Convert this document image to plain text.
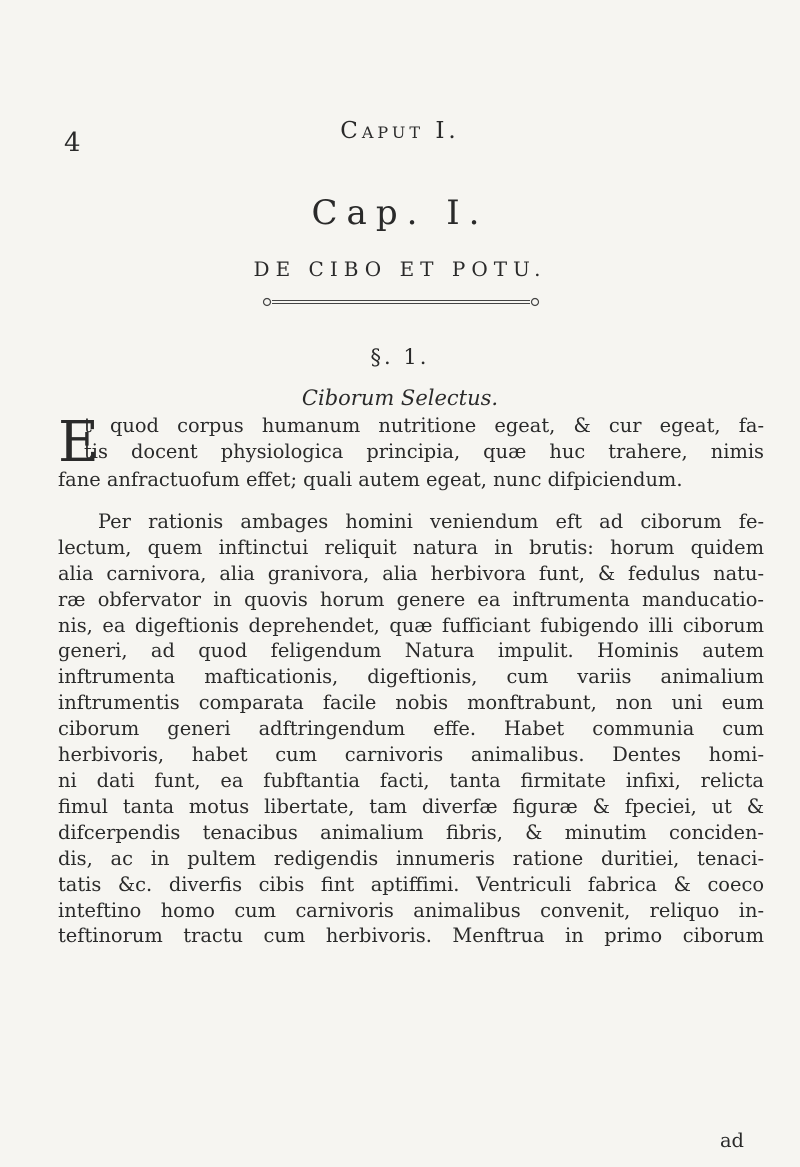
4	Caput I.
Cap. I.
DE CIBO ET POTU.
§. 1.
Ciborum Selectus.
E
t quod corpus humanum nutritione egeat, & cur egeat, fa-
tis docent physiologica principia, quæ huc trahere, nimis
fane anfractuofum effet; quali autem egeat, nunc difpiciendum.
Per rationis ambages homini veniendum eft ad ciborum fe-
lectum, quem inftinctui reliquit natura in brutis: horum quidem
alia carnivora, alia granivora, alia herbivora funt, & fedulus natu-
ræ obfervator in quovis horum genere ea inftrumenta manducatio-
nis, ea digeftionis deprehendet, quæ fufficiant fubigendo illi ciborum
generi, ad quod feligendum Natura impulit. Hominis autem
inftrumenta mafticationis, digeftionis, cum variis animalium
inftrumentis comparata facile nobis monftrabunt, non uni eum
ciborum generi adftringendum effe. Habet communia cum
herbivoris, habet cum carnivoris animalibus. Dentes homi-
ni dati funt, ea fubftantia facti, tanta firmitate infixi, relicta
fimul tanta motus libertate, tam diverfæ figuræ & fpeciei, ut &
difcerpendis tenacibus animalium fibris, & minutim conciden-
dis, ac in pultem redigendis innumeris ratione duritiei, tenaci-
tatis &c. diverfis cibis fint aptiffimi. Ventriculi fabrica & coeco
inteftino homo cum carnivoris animalibus convenit, reliquo in-
teftinorum tractu cum herbivoris. Menftrua in primo ciborum
ad
